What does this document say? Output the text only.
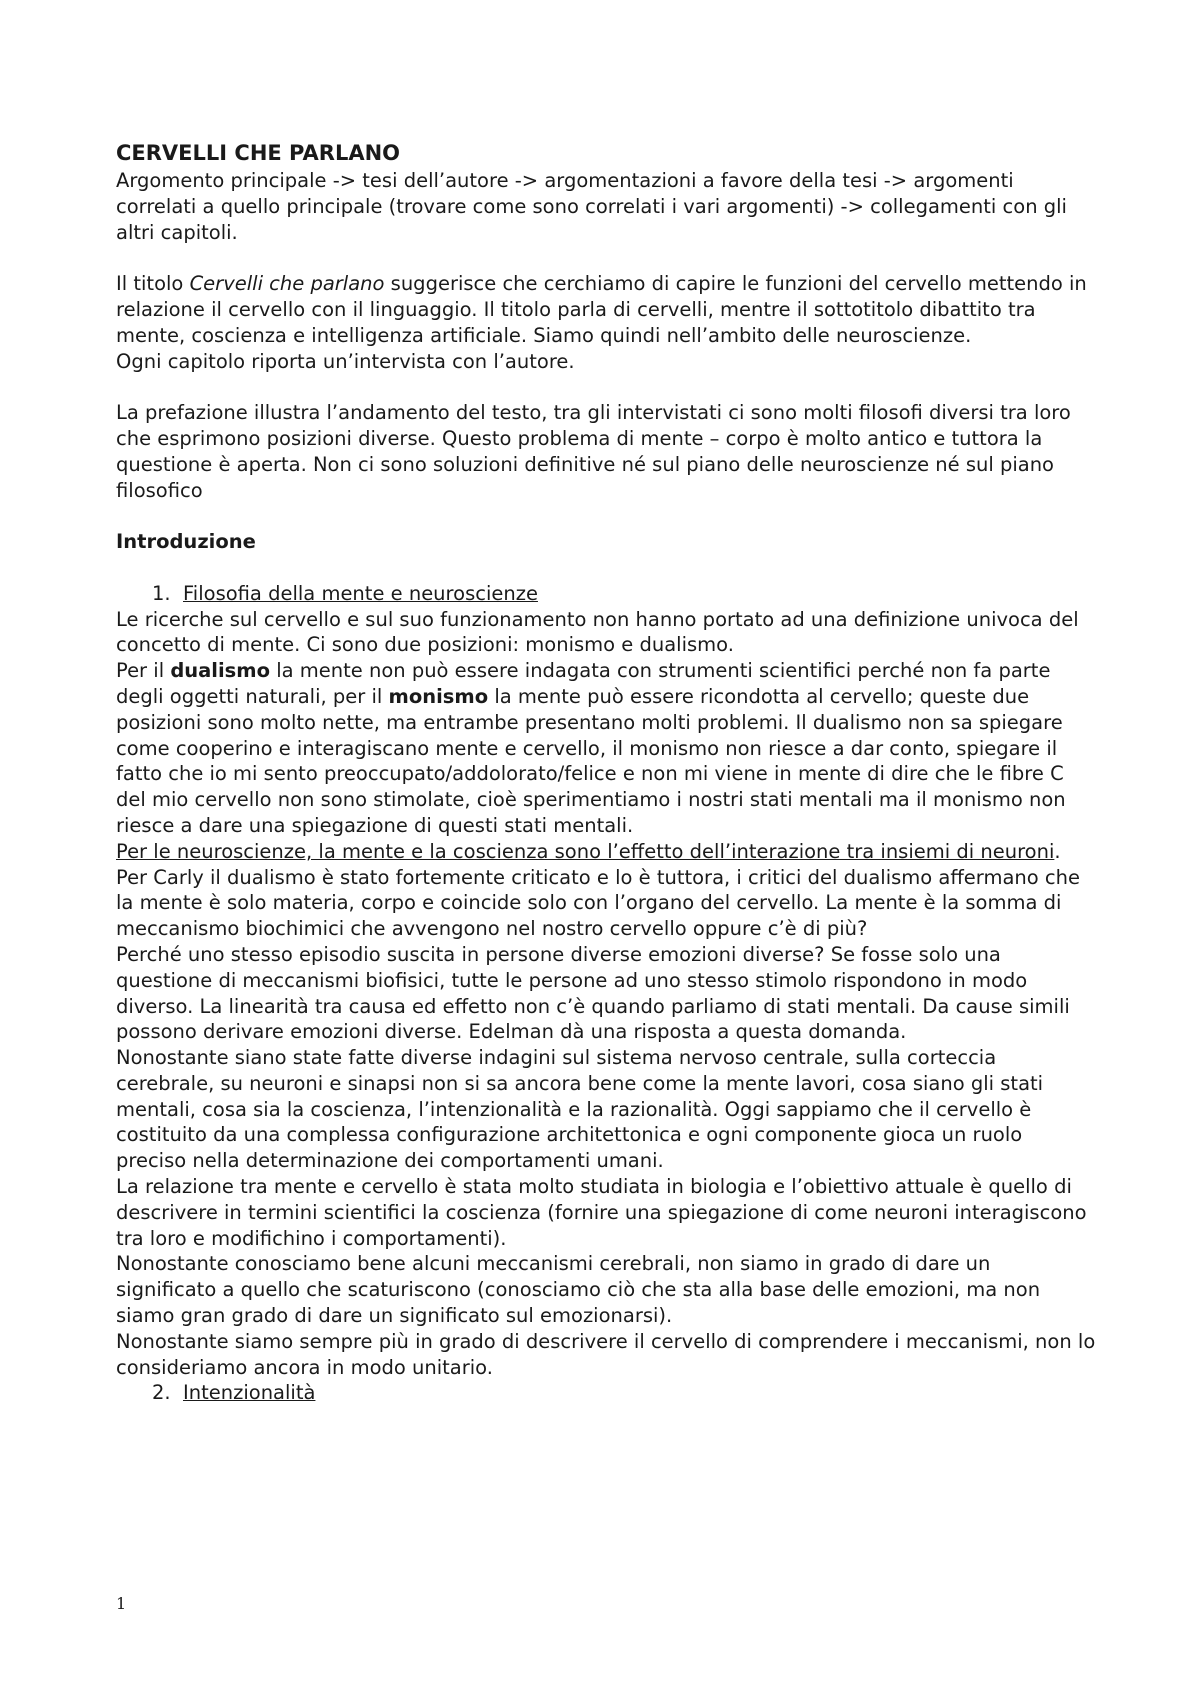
CERVELLI CHE PARLANO

Argomento principale -> tesi dell’autore -> argomentazioni a favore della tesi -> argomenti correlati a quello principale (trovare come sono correlati i vari argomenti) -> collegamenti con gli altri capitoli.

Il titolo Cervelli che parlano suggerisce che cerchiamo di capire le funzioni del cervello mettendo in relazione il cervello con il linguaggio. Il titolo parla di cervelli, mentre il sottotitolo dibattito tra mente, coscienza e intelligenza artificiale. Siamo quindi nell’ambito delle neuroscienze.

Ogni capitolo riporta un’intervista con l’autore.

La prefazione illustra l’andamento del testo, tra gli intervistati ci sono molti filosofi diversi tra loro che esprimono posizioni diverse. Questo problema di mente – corpo è molto antico e tuttora la questione è aperta. Non ci sono soluzioni definitive né sul piano delle neuroscienze né sul piano filosofico

Introduzione

1. Filosofia della mente e neuroscienze

Le ricerche sul cervello e sul suo funzionamento non hanno portato ad una definizione univoca del concetto di mente. Ci sono due posizioni: monismo e dualismo.

Per il dualismo la mente non può essere indagata con strumenti scientifici perché non fa parte degli oggetti naturali, per il monismo la mente può essere ricondotta al cervello; queste due posizioni sono molto nette, ma entrambe presentano molti problemi. Il dualismo non sa spiegare come cooperino e interagiscano mente e cervello, il monismo non riesce a dar conto, spiegare il fatto che io mi sento preoccupato/addolorato/felice e non mi viene in mente di dire che le fibre C del mio cervello non sono stimolate, cioè sperimentiamo i nostri stati mentali ma il monismo non riesce a dare una spiegazione di questi stati mentali.

Per le neuroscienze, la mente e la coscienza sono l’effetto dell’interazione tra insiemi di neuroni.

Per Carly il dualismo è stato fortemente criticato e lo è tuttora, i critici del dualismo affermano che la mente è solo materia, corpo e coincide solo con l’organo del cervello. La mente è la somma di meccanismo biochimici che avvengono nel nostro cervello oppure c’è di più?

Perché uno stesso episodio suscita in persone diverse emozioni diverse? Se fosse solo una questione di meccanismi biofisici, tutte le persone ad uno stesso stimolo rispondono in modo diverso. La linearità tra causa ed effetto non c’è quando parliamo di stati mentali. Da cause simili possono derivare emozioni diverse. Edelman dà una risposta a questa domanda.

Nonostante siano state fatte diverse indagini sul sistema nervoso centrale, sulla corteccia cerebrale, su neuroni e sinapsi non si sa ancora bene come la mente lavori, cosa siano gli stati mentali, cosa sia la coscienza, l’intenzionalità e la razionalità. Oggi sappiamo che il cervello è costituito da una complessa configurazione architettonica e ogni componente gioca un ruolo preciso nella determinazione dei comportamenti umani.

La relazione tra mente e cervello è stata molto studiata in biologia e l’obiettivo attuale è quello di descrivere in termini scientifici la coscienza (fornire una spiegazione di come neuroni interagiscono tra loro e modifichino i comportamenti).

Nonostante conosciamo bene alcuni meccanismi cerebrali, non siamo in grado di dare un significato a quello che scaturiscono (conosciamo ciò che sta alla base delle emozioni, ma non siamo gran grado di dare un significato sul emozionarsi).

Nonostante siamo sempre più in grado di descrivere il cervello di comprendere i meccanismi, non lo consideriamo ancora in modo unitario.

2. Intenzionalità
1
